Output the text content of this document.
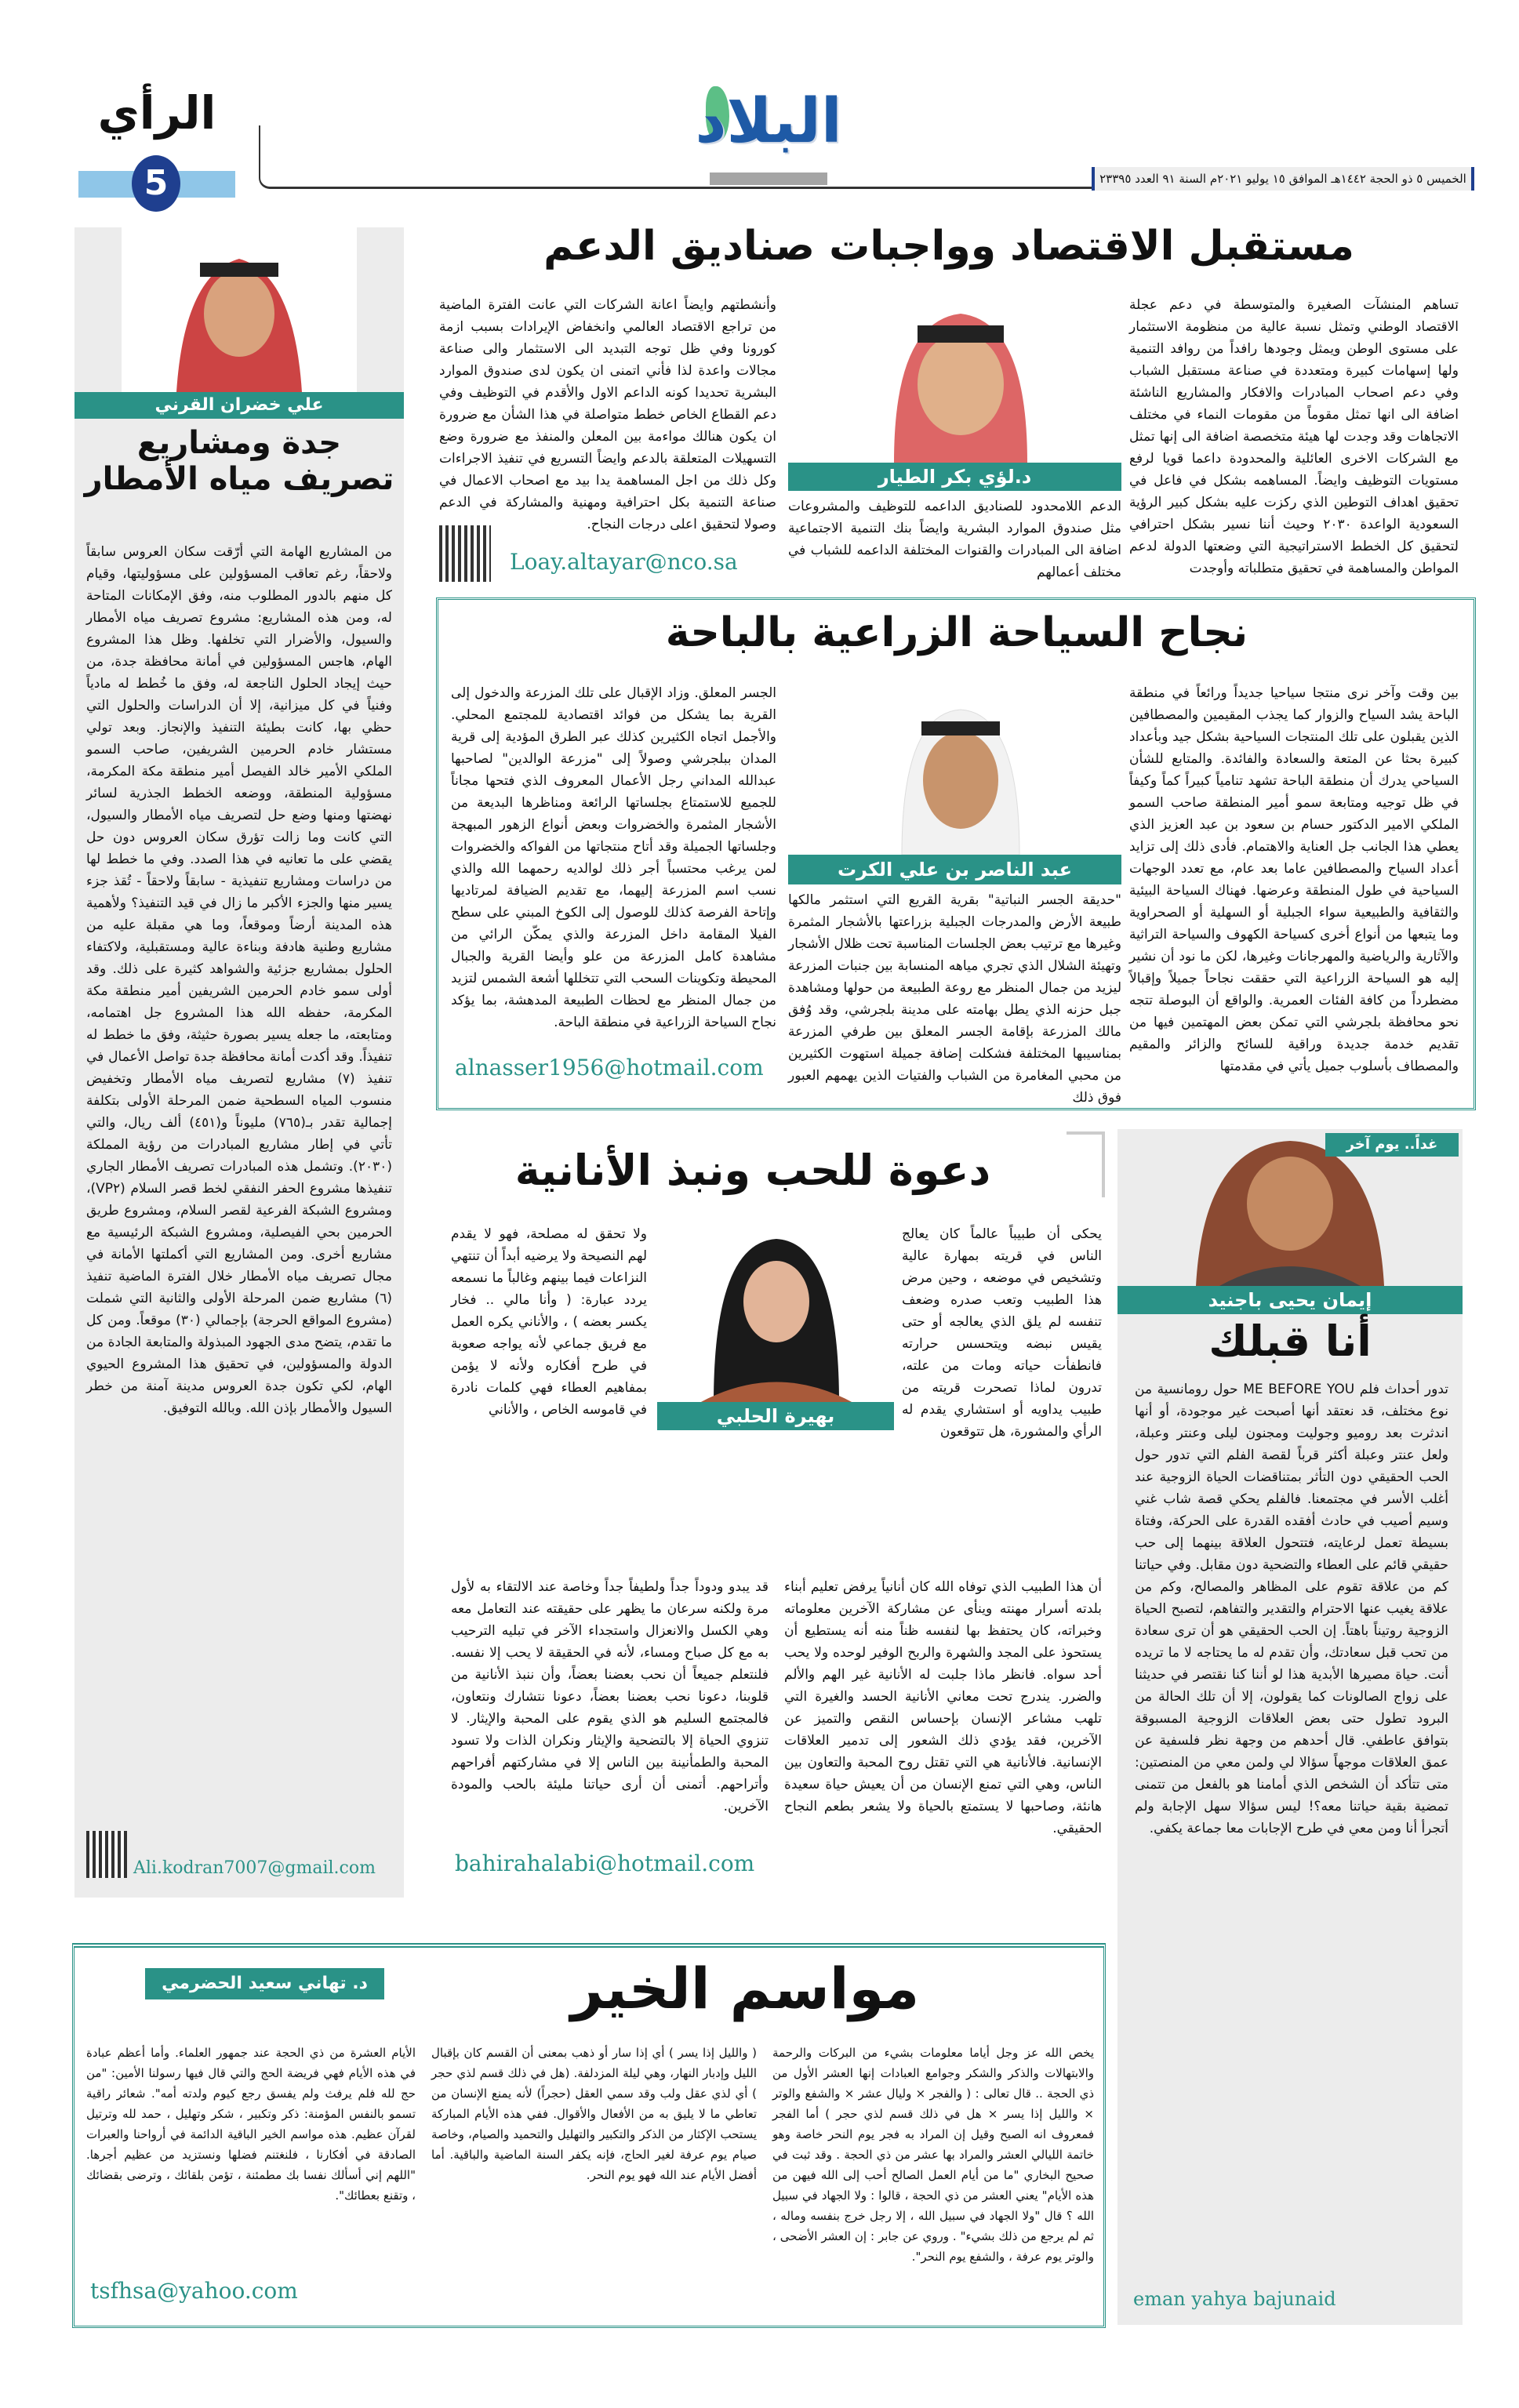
الرأي
5
البلاد
الخميس ٥ ذو الحجة ١٤٤٢هـ الموافق ١٥ يوليو ٢٠٢١م السنة ٩١ العدد ٢٣٣٩٥
علي خضران القرني
جدة ومشاريع تصريف مياه الأمطار

من المشاريع الهامة التي أرّقت سكان العروس سابقاً ولاحقاً، رغم تعاقب المسؤولين على مسؤوليتها، وقيام كل منهم بالدور المطلوب منه، وفق الإمكانات المتاحة له، ومن هذه المشاريع: مشروع تصريف مياه الأمطار والسيول، والأضرار التي تخلفها. وظل هذا المشروع الهام، هاجس المسؤولين في أمانة محافظة جدة، من حيث إيجاد الحلول الناجعة له، وفق ما خُطط له مادياً وفنياً في كل ميزانية، إلا أن الدراسات والحلول التي حظي بها، كانت بطيئة التنفيذ والإنجاز. وبعد تولي مستشار خادم الحرمين الشريفين، صاحب السمو الملكي الأمير خالد الفيصل أمير منطقة مكة المكرمة، مسؤولية المنطقة، ووضعه الخطط الجذرية لسائر نهضتها ومنها وضع حل لتصريف مياه الأمطار والسيول، التي كانت وما زالت تؤرق سكان العروس دون حل يقضي على ما تعانيه في هذا الصدد. وفي ما خطط لها من دراسات ومشاريع تنفيذية - سابقاً ولاحقاً - تُقذ جزء يسير منها والجزء الأكبر ما زال في قيد التنفيذ؟ ولأهمية هذه المدينة أرضاً وموقعاً، وما هي مقبلة عليه من مشاريع وطنية هادفة وبناءة عالية ومستقبلية، ولاكتفاء الحلول بمشاريع جزئية والشواهد كثيرة على ذلك. وقد أولى سمو خادم الحرمين الشريفين أمير منطقة مكة المكرمة، حفظه الله هذا المشروع جل اهتمامه، ومتابعته، ما جعله يسير بصورة حثيثة، وفق ما خطط له تنفيذاً. وقد أكدت أمانة محافظة جدة تواصل الأعمال في تنفيذ (٧) مشاريع لتصريف مياه الأمطار وتخفيض منسوب المياه السطحية ضمن المرحلة الأولى بتكلفة إجمالية تقدر بـ(٧٦٥) مليوناً و(٤٥١) ألف ريال، والتي تأتي في إطار مشاريع المبادرات من رؤية المملكة (٢٠٣٠). وتشمل هذه المبادرات تصريف الأمطار الجاري تنفيذها مشروع الحفر النفقي لخط قصر السلام (VP٢)، ومشروع الشبكة الفرعية لقصر السلام، ومشروع طريق الحرمين بحي الفيصلية، ومشروع الشبكة الرئيسية مع مشاريع أخرى. ومن المشاريع التي أكملتها الأمانة في مجال تصريف مياه الأمطار خلال الفترة الماضية تنفيذ (٦) مشاريع ضمن المرحلة الأولى والثانية التي شملت (مشروع المواقع الحرجة) بإجمالي (٣٠) موقعاً. ومن كل ما تقدم، يتضح مدى الجهود المبذولة والمتابعة الجادة من الدولة والمسؤولين، في تحقيق هذا المشروع الحيوي الهام، لكي تكون جدة العروس مدينة آمنة من خطر السيول والأمطار بإذن الله. وبالله التوفيق.

Ali.kodran7007@gmail.com
مستقبل الاقتصاد وواجبات صناديق الدعم

تساهم المنشآت الصغيرة والمتوسطة في دعم عجلة الاقتصاد الوطني وتمثل نسبة عالية من منظومة الاستثمار على مستوى الوطن ويمثل وجودها رافداً من روافد التنمية ولها إسهامات كبيرة ومتعددة في صناعة مستقبل الشباب وفي دعم اصحاب المبادرات والافكار والمشاريع الناشئة اضافة الى انها تمثل مقوماً من مقومات النماء في مختلف الاتجاهات وقد وجدت لها هيئة متخصصة اضافة الى إنها تمثل مع الشركات الاخرى العائلية والمحدودة داعما قويا لرفع مستويات التوظيف وايضاً. المساهمه بشكل في فاعل في تحقيق اهداف التوطين الذي ركزت عليه بشكل كبير الرؤية السعودية الواعدة ٢٠٣٠ وحيث أننا نسير بشكل احترافي لتحقيق كل الخطط الاستراتيجية التي وضعتها الدولة لدعم المواطن والمساهمة في تحقيق متطلباته وأوجدت

د.لؤي بكر الطيار

الدعم اللامحدود للصناديق الداعمه للتوظيف والمشروعات مثل صندوق الموارد البشرية وايضاً بنك التنمية الاجتماعية اضافة الى المبادرات والقنوات المختلفة الداعمه للشباب في مختلف أعمالهم

وأنشطتهم وايضاً اعانة الشركات التي عانت الفترة الماضية من تراجع الاقتصاد العالمي وانخفاض الإيرادات بسبب ازمة كورونا وفي ظل توجه التبديد الى الاستثمار والى صناعة مجالات واعدة لذا فأني اتمنى ان يكون لدى صندوق الموارد البشرية تحديدا كونه الداعم الاول والأقدم في التوظيف وفي دعم القطاع الخاص خطط متواصلة في هذا الشأن مع ضرورة ان يكون هنالك مواءمة بين المعلن والمنفذ مع ضرورة وضع التسهيلات المتعلقة بالدعم وايضاً التسريع في تنفيذ الاجراءات وكل ذلك من اجل المساهمة يدا بيد مع اصحاب الاعمال في صناعة التنمية بكل احترافية ومهنية والمشاركة في الدعم وصولا لتحقيق اعلى درجات النجاح.

Loay.altayar@nco.sa
نجاح السياحة الزراعية بالباحة

بين وقت وآخر نرى منتجا سياحيا جديداً ورائعاً في منطقة الباحة يشد السياح والزوار كما يجذب المقيمين والمصطافين الذين يقبلون على تلك المنتجات السياحية بشكل جيد وبأعداد كبيرة بحثا عن المتعة والسعادة والفائدة. والمتابع للشأن السياحي يدرك أن منطقة الباحة تشهد تنامياً كبيراً كماً وكيفاً في ظل توجيه ومتابعة سمو أمير المنطقة صاحب السمو الملكي الامير الدكتور حسام بن سعود بن عبد العزيز الذي يعطي هذا الجانب جل العناية والاهتمام. فأدى ذلك إلى تزايد أعداد السياح والمصطافين عاما بعد عام، مع تعدد الوجهات السياحية في طول المنطقة وعرضها. فهناك السياحة البيئية والثقافية والطبيعية سواء الجبلية أو السهلية أو الصحراوية وما يتبعها من أنواع أخرى كسياحة الكهوف والسياحة التراثية والآثارية والرياضية والمهرجانات وغيرها، لكن ما نود أن نشير إليه هو السياحة الزراعية التي حققت نجاحاً جميلاً وإقبالاً مضطرداً من كافة الفئات العمرية. والواقع أن البوصلة تتجه نحو محافظة بلجرشي التي تمكن بعض المهتمين فيها من تقديم خدمة جديدة وراقية للسائح والزائر والمقيم والمصطاف بأسلوب جميل يأتي في مقدمتها

عبد الناصر بن علي الكرت

"حديقة الجسر النباتية" بقرية القريع التي استثمر مالكها طبيعة الأرض والمدرجات الجبلية بزراعتها بالأشجار المثمرة وغيرها مع ترتيب بعض الجلسات المناسبة تحت ظلال الأشجار وتهيئة الشلال الذي تجري مياهه المنسابة بين جنبات المزرعة ليزيد من جمال المنظر مع روعة الطبيعة من حولها ومشاهدة جبل حزنه الذي يطل بهامته على مدينة بلجرشي، وقد وُفق مالك المزرعة بإقامة الجسر المعلق بين طرفي المزرعة بمناسيبها المختلفة فشكلت إضافة جميلة استهوت الكثيرين من محبي المغامرة من الشباب والفتيات الذين يهمهم العبور فوق ذلك

الجسر المعلق. وزاد الإقبال على تلك المزرعة والدخول إلى القرية بما يشكل من فوائد اقتصادية للمجتمع المحلي. والأجمل اتجاه الكثيرين كذلك عبر الطرق المؤدية إلى قرية المدان ببلجرشي وصولاً إلى "مزرعة الوالدين" لصاحبها عبدالله المداني رجل الأعمال المعروف الذي فتحها مجاناً للجميع للاستمتاع بجلساتها الرائعة ومناظرها البديعة من الأشجار المثمرة والخضروات وبعض أنواع الزهور المبهجة وجلساتها الجميلة وقد أتاح منتجاتها من الفواكه والخضروات لمن يرغب محتسباً أجر ذلك لوالديه رحمهما الله والذي نسب اسم المزرعة إليهما، مع تقديم الضيافة لمرتاديها وإتاحة الفرصة كذلك للوصول إلى الكوخ المبني على سطح الفيلا المقامة داخل المزرعة والذي يمكّن الرائي من مشاهدة كامل المزرعة من علو وأيضا القرية والجبال المحيطة وتكوينات السحب التي تتخللها أشعة الشمس لتزيد من جمال المنظر مع لحظات الطبيعة المدهشة، بما يؤكد نجاح السياحة الزراعية في منطقة الباحة.

alnasser1956@hotmail.com
غداً.. يوم آخر
إيمان يحيى باجنيد
أنا قبلك

تدور أحداث فلم ME BEFORE YOU حول رومانسية من نوع مختلف، قد نعتقد أنها أصبحت غير موجودة، أو أنها اندثرت بعد روميو وجوليت ومجنون ليلى وعنتر وعبلة، ولعل عنتر وعبلة أكثر قرباً لقصة الفلم التي تدور حول الحب الحقيقي دون التأثر بمتناقضات الحياة الزوجية عند أغلب الأسر في مجتمعنا. فالفلم يحكي قصة شاب غني وسيم أصيب في حادث أفقده القدرة على الحركة، وفتاة بسيطة تعمل لرعايته، فتتحول العلاقة بينهما إلى حب حقيقي قائم على العطاء والتضحية دون مقابل. وفي حياتنا كم من علاقة تقوم على المظاهر والمصالح، وكم من علاقة يغيب عنها الاحترام والتقدير والتفاهم، لتصبح الحياة الزوجية روتيناً باهتاً. إن الحب الحقيقي هو أن ترى سعادة من تحب قبل سعادتك، وأن تقدم له ما يحتاجه لا ما تريده أنت. حياة مصيرها الأبدية هذا لو أننا كنا نقتصر في حديثنا على زواج الصالونات كما يقولون، إلا أن تلك الحالة من البرود تطول حتى بعض العلاقات الزوجية المسبوقة بتوافق عاطفي. قال أحدهم من وجهة نظر فلسفية عن عمق العلاقات موجهاً سؤالا لي ولمن معي من المنصتين: متى تتأكد أن الشخص الذي أمامنا هو بالفعل من تتمنى تمضية بقية حياتنا معه؟! ليس سؤالا سهل الإجابة ولم أتجرأ أنا ومن معي في طرح الإجابات معا جماعة يكفي.

eman yahya bajunaid
دعوة للحب ونبذ الأنانية

يحكى أن طبيباً عالماً كان يعالج الناس في قريته بمهارة عالية وتشخيص في موضعه ، وحين مرض هذا الطبيب وتعب صدره وضعف تنفسه لم يلق الذي يعالجه أو حتى يقيس نبضه ويتحسس حرارته فانطفأت حياته ومات من علته، تدرون لماذا تصحرت قريته من طبيب يداويه أو استشاري يقدم له الرأي والمشورة، هل تتوقعون

بهيرة الحلبي

ولا تحقق له مصلحة، فهو لا يقدم لهم النصيحة ولا يرضيه أبداً أن تنتهي النزاعات فيما بينهم وغالباً ما نسمعه يردد عبارة: ( وأنا مالي .. فخار يكسر بعضه ) ، والأناني يكره العمل مع فريق جماعي لأنه يواجه صعوبة في طرح أفكاره ولأنه لا يؤمن بمفاهيم العطاء فهي كلمات نادرة في قاموسه الخاص ، والأناني

أن هذا الطبيب الذي توفاه الله كان أنانياً يرفض تعليم أبناء بلدته أسرار مهنته وينأى عن مشاركة الآخرين معلوماته وخبراته، كان يحتفظ بها لنفسه ظناً منه أنه يستطيع أن يستحوذ على المجد والشهرة والربح الوفير لوحده ولا يحب أحد سواه. فانظر ماذا جلبت له الأنانية غير الهم والألم والضرر. يندرج تحت معاني الأنانية الحسد والغيرة التي تلهب مشاعر الإنسان بإحساس النقص والتميز عن الآخرين، فقد يؤدي ذلك الشعور إلى تدمير العلاقات الإنسانية. فالأنانية هي التي تقتل روح المحبة والتعاون بين الناس، وهي التي تمنع الإنسان من أن يعيش حياة سعيدة هانئة، وصاحبها لا يستمتع بالحياة ولا يشعر بطعم النجاح الحقيقي.

قد يبدو ودوداً جداً ولطيفاً جداً وخاصة عند الالتقاء به لأول مرة ولكنه سرعان ما يظهر على حقيقته عند التعامل معه وهي الكسل والانعزال واستجداء الآخر في تبليه الترحيب به مع كل صباح ومساء، لأنه في الحقيقة لا يحب إلا نفسه. فلنتعلم جميعاً أن نحب بعضنا بعضاً، وأن ننبذ الأنانية من قلوبنا، دعونا نحب بعضنا بعضاً، دعونا نتشارك ونتعاون، فالمجتمع السليم هو الذي يقوم على المحبة والإيثار. لا تنزوي الحياة إلا بالتضحية والإيثار ونكران الذات ولا تسود المحبة والطمأنينة بين الناس إلا في مشاركتهم أفراحهم وأتراحهم. أتمنى أن أرى حياتنا مليئة بالحب والمودة الآخرين.

bahirahalabi@hotmail.com
مواسم الخير
د. تهاني سعيد الحضرمي

يخص الله عز وجل أياما معلومات بشيء من البركات والرحمة والابتهالات والذكر والشكر وجوامع العبادات إنها العشر الأول من ذي الحجة .. قال تعالى : ( والفجر × وليال عشر × والشفع والوتر × والليل إذا يسر × هل في ذلك قسم لذي حجر ) أما الفجر فمعروف انه الصبح وقيل إن المراد به فجر يوم النحر خاصة وهو خاتمة الليالي العشر والمراد بها عشر من ذي الحجة . وقد ثبت في صحيح البخاري "ما من أيام العمل الصالح أحب إلى الله فيهن من هذه الأيام" يعني العشر من ذي الحجة ، قالوا : ولا الجهاد في سبيل الله ؟ قال "ولا الجهاد في سبيل الله ، إلا رجل خرج بنفسه وماله ، ثم لم يرجع من ذلك بشيء" . وروي عن جابر : إن العشر الأضحى ، والوتر يوم عرفة ، والشفع يوم النحر".

( والليل إذا يسر ) أي إذا سار أو ذهب بمعنى أن القسم كان بإقبال الليل وإدبار النهار، وهي ليلة المزدلفة. (هل في ذلك قسم لذي حجر ) أي لذي عقل ولب وقد سمي العقل (حجراً) لأنه يمنع الإنسان من تعاطي ما لا يليق به من الأفعال والأقوال. ففي هذه الأيام المباركة يستحب الإكثار من الذكر والتكبير والتهليل والتحميد والصيام، وخاصة صيام يوم عرفة لغير الحاج، فإنه يكفر السنة الماضية والباقية. أما أفضل الأيام عند الله فهو يوم النحر.

الأيام العشرة من ذي الحجة عند جمهور العلماء. وأما أعظم عبادة في هذه الأيام فهي فريضة الحج والتي قال فيها رسولنا الأمين: "من حج لله فلم يرفث ولم يفسق رجع كيوم ولدته أمه". شعائر راقية تسمو بالنفس المؤمنة: ذكر وتكبير ، شكر وتهليل ، حمد لله وترتيل لقرآن عظيم. هذه مواسم الخير الباقية الدائمة في أرواحنا والعبرات الصادقة في أفكارنا ، فلنغتنم فضلها ونستزيد من عظيم أجرها. "اللهم إني أسألك نفسا بك مطمئنة ، تؤمن بلقائك ، وترضى بقضائك ، وتقنع بعطائك".

tsfhsa@yahoo.com
